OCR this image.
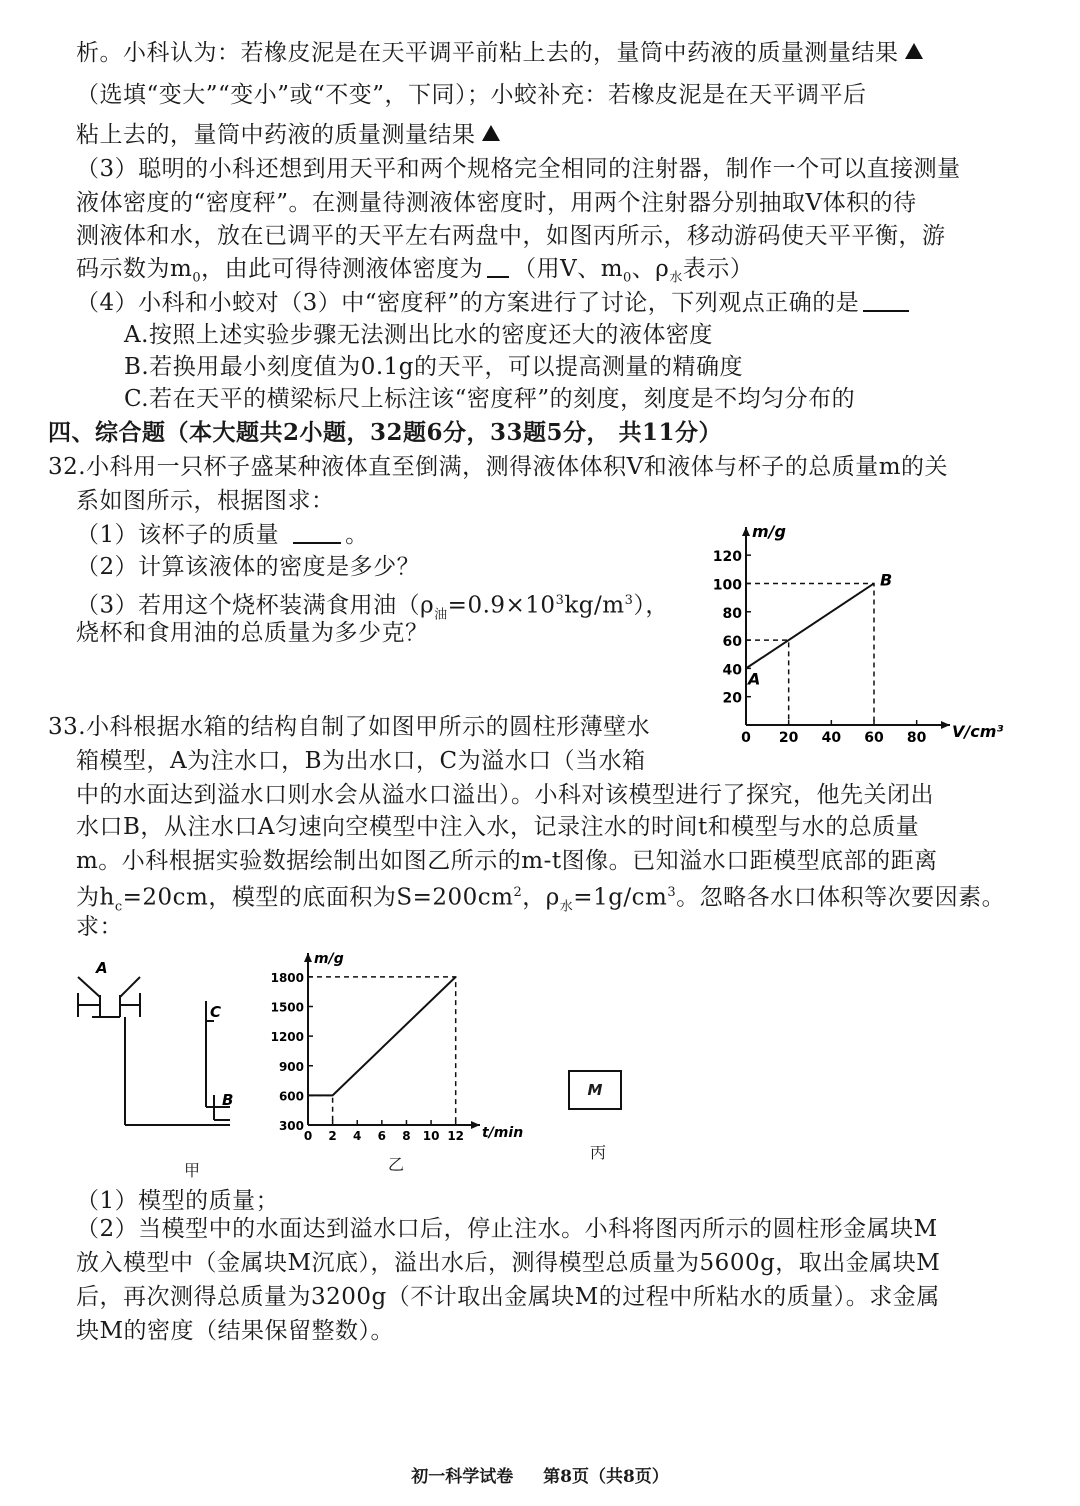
析。小科认为：若橡皮泥是在天平调平前粘上去的，量筒中药液的质量测量结果
（选填“变大”“变小”或“不变”，下同）；小蛟补充：若橡皮泥是在天平调平后
粘上去的，量筒中药液的质量测量结果
（3）聪明的小科还想到用天平和两个规格完全相同的注射器，制作一个可以直接测量
液体密度的“密度秤”。在测量待测液体密度时，用两个注射器分别抽取V体积的待
测液体和水，放在已调平的天平左右两盘中，如图丙所示，移动游码使天平平衡，游
码示数为$m_0$，由此可得待测液体密度为 （用V、$m_0$、$\rho_水$表示）
（4）小科和小蛟对（3）中“密度秤”的方案进行了讨论，下列观点正确的是
A.按照上述实验步骤无法测出比水的密度还大的液体密度
B.若换用最小刻度值为0.1g的天平，可以提高测量的精确度
C.若在天平的横梁标尺上标注该“密度秤”的刻度，刻度是不均匀分布的
四、综合题（本大题共2小题，32题6分，33题5分， 共11分）
32.小科用一只杯子盛某种液体直至倒满，测得液体体积V和液体与杯子的总质量m的关
系如图所示，根据图求：
（1）该杯子的质量	。
（2）计算该液体的密度是多少？
（3）若用这个烧杯装满食用油$(\rho_油=0.9\times 10^3kg/m^3)$，
烧杯和食用油的总质量为多少克？
V/cm³
m/g
0 20 40 60 80
20
40
60
80
100
120
A
B
33.小科根据水箱的结构自制了如图甲所示的圆柱形薄壁水
箱模型，A为注水口，B为出水口，C为溢水口（当水箱
中的水面达到溢水口则水会从溢水口溢出）。小科对该模型进行了探究，他先关闭出
水口B，从注水口A匀速向空模型中注入水，记录注水的时间t和模型与水的总质量
m。小科根据实验数据绘制出如图乙所示的m-t图像。已知溢水口距模型底部的距离
为$h_c=20cm$，模型的底面积为$S=200cm^2$，$\rho_水=1g/cm^3$。忽略各水口体积等次要因素。
求：
A
C
B
甲
t/min
m/g
0 2 4 6 8 10 12
300
600
900
1200
1500
1800
乙
M
丙
（1）模型的质量；
（2）当模型中的水面达到溢水口后，停止注水。小科将图丙所示的圆柱形金属块M
放入模型中（金属块M沉底），溢出水后，测得模型总质量为5600g，取出金属块M
后，再次测得总质量为3200g（不计取出金属块M的过程中所粘水的质量）。求金属
块M的密度（结果保留整数）。
初一科学试卷 第8页（共8页）
